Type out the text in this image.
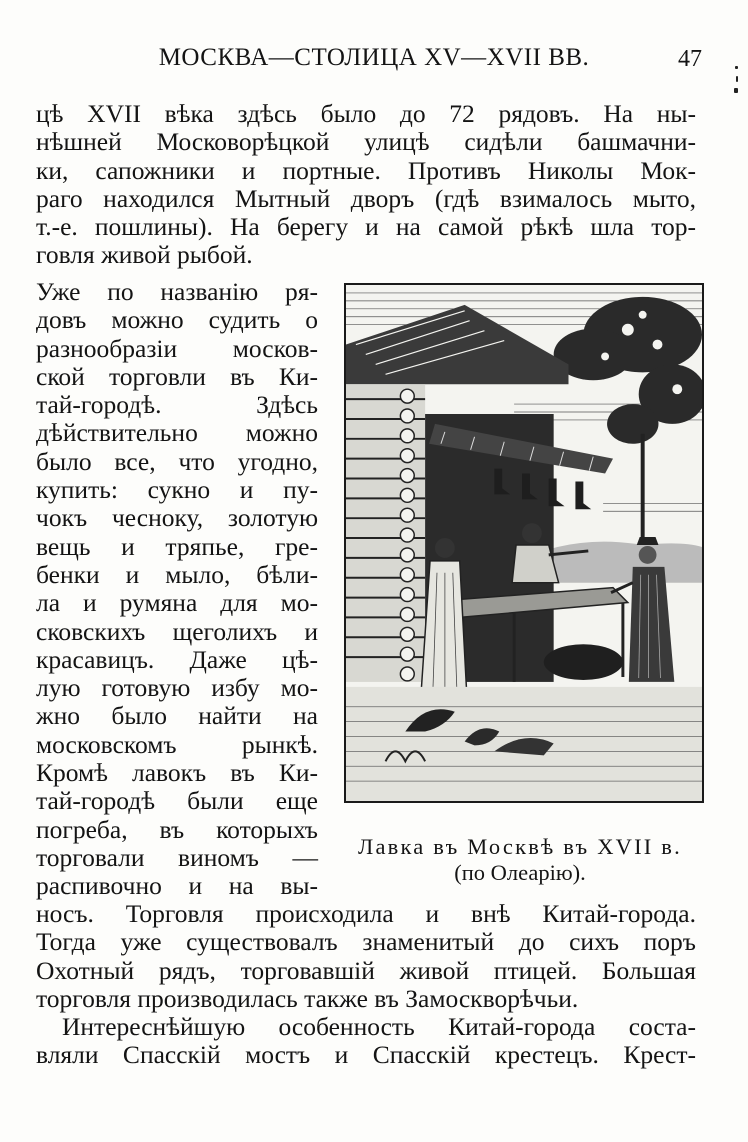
МОСКВА—СТОЛИЦА XV—XVII ВВ.	47
цѣ XVII вѣка здѣсь было до 72 рядовъ. На ны-
нѣшней Московорѣцкой улицѣ сидѣли башмачни-
ки, сапожники и портные. Противъ Николы Мок-
раго находился Мытный дворъ (гдѣ взималось мыто,
т.-е. пошлины). На берегу и на самой рѣкѣ шла тор-
говля живой рыбой.
Уже по названію ря-
довъ можно судить о
разнообразіи москов-
ской торговли въ Ки-
тай-городѣ. Здѣсь
дѣйствительно можно
было все, что угодно,
купить: сукно и пу-
чокъ чесноку, золотую
вещь и тряпье, гре-
бенки и мыло, бѣли-
ла и румяна для мо-
сковскихъ щеголихъ и
красавицъ. Даже цѣ-
лую готовую избу мо-
жно было найти на
московскомъ рынкѣ.
Кромѣ лавокъ въ Ки-
тай-городѣ были еще
погреба, въ которыхъ
торговали виномъ —
распивочно и на вы-
Лавка въ Москвѣ въ XVII в.
(по Олеарію).
носъ. Торговля происходила и внѣ Китай-города.
Тогда уже существовалъ знаменитый до сихъ поръ
Охотный рядъ, торговавшій живой птицей. Большая
торговля производилась также въ Замоскворѣчьи.
Интереснѣйшую особенность Китай-города соста-
вляли Спасскій мостъ и Спасскій крестецъ. Крест-
